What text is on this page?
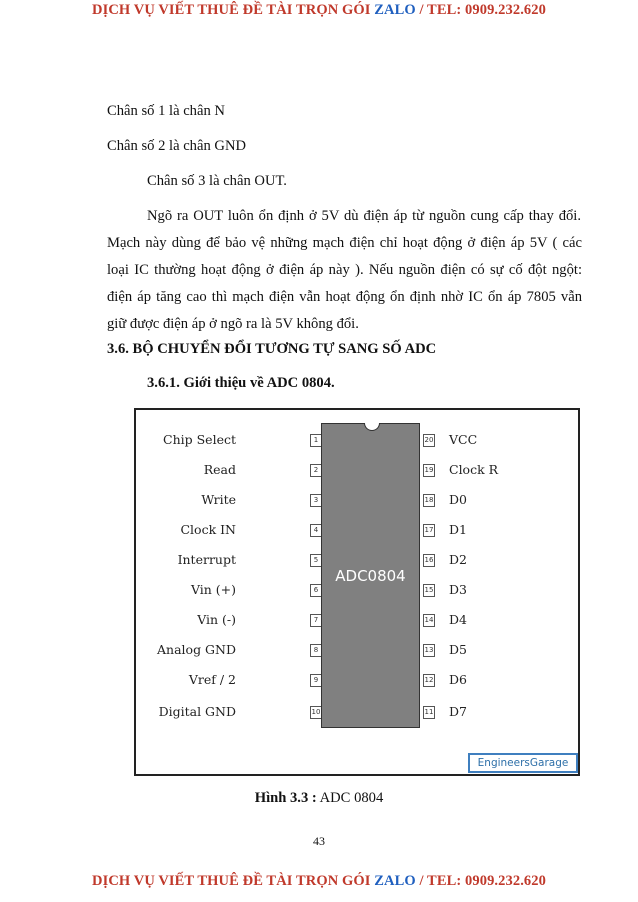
DỊCH VỤ VIẾT THUÊ ĐỀ TÀI TRỌN GÓI ZALO / TEL: 0909.232.620
Chân số 1 là chân N
Chân số 2 là chân GND
Chân số 3 là chân OUT.
Ngõ ra OUT luôn ổn định ở 5V dù điện áp từ nguồn cung cấp thay đổi.
Mạch này dùng để bảo vệ những mạch điện chỉ hoạt động ở điện áp 5V ( các
loại IC thường hoạt động ở điện áp này ). Nếu nguồn điện có sự cố đột ngột:
điện áp tăng cao thì mạch điện vẫn hoạt động ổn định nhờ IC ổn áp 7805 vẫn
giữ được điện áp ở ngõ ra là 5V không đổi.
3.6. BỘ CHUYỂN ĐỔI TƯƠNG TỰ SANG SỐ ADC
3.6.1. Giới thiệu về ADC 0804.
Chip Select
Read
Write
Clock IN
Interrupt
Vin (+)
Vin (-)
Analog GND
Vref / 2
Digital GND
1
2
3
4
5
6
7
8
9
10
ADC0804
20
19
18
17
16
15
14
13
12
11
VCC
Clock R
D0
D1
D2
D3
D4
D5
D6
D7
EngineersGarage
Hình 3.3 : ADC 0804
43
DỊCH VỤ VIẾT THUÊ ĐỀ TÀI TRỌN GÓI ZALO / TEL: 0909.232.620
